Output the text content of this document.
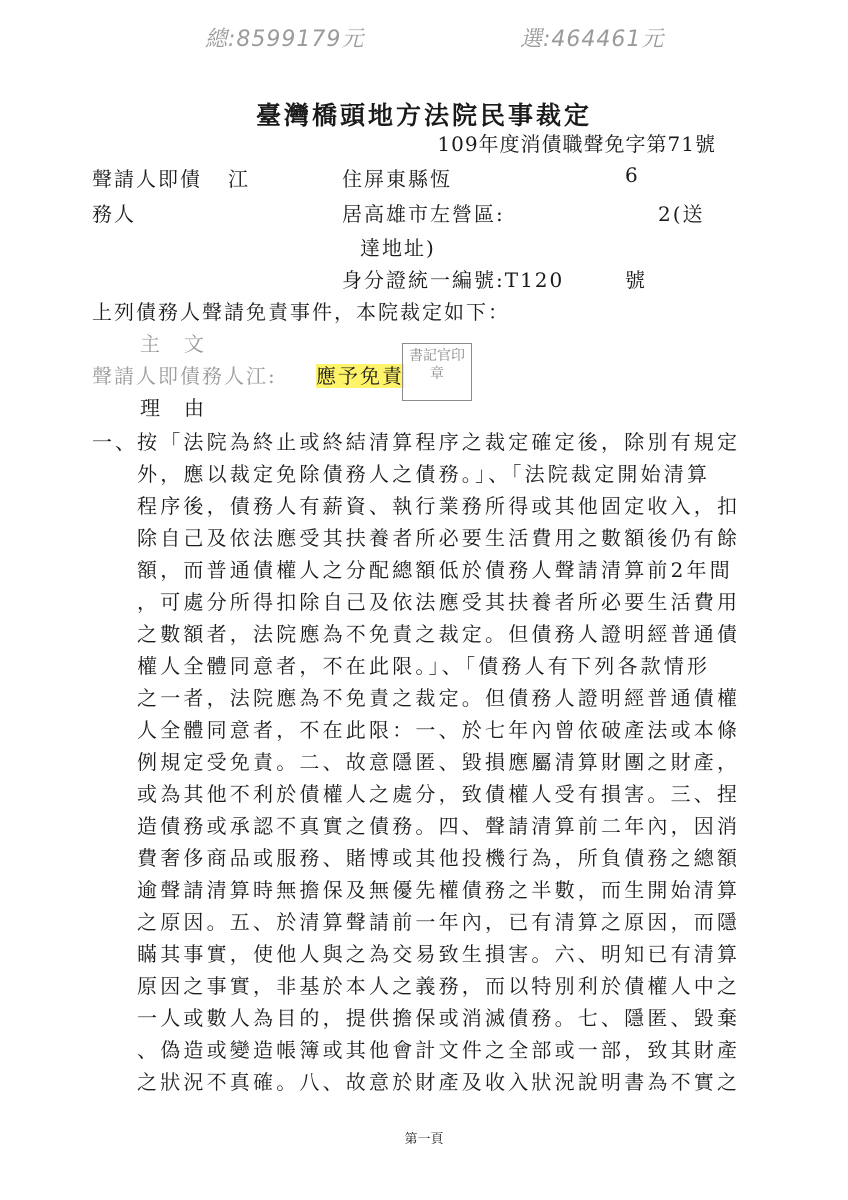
總:8599179元	選:464461元
臺灣橋頭地方法院民事裁定
109年度消債職聲免字第71號
聲請人即債 江	住屏東縣恆	6
務人	居高雄市左營區:	2(送
達地址)
身分證統一編號:T120	號
上列債務人聲請免責事件，本院裁定如下：
主　文
聲請人即債務人江: 應予免責
書記官印章
理　由
一、 按「法院為終止或終結清算程序之裁定確定後，除別有規定
外，應以裁定免除債務人之債務。」、「法院裁定開始清算
程序後，債務人有薪資、執行業務所得或其他固定收入，扣
除自己及依法應受其扶養者所必要生活費用之數額後仍有餘
額，而普通債權人之分配總額低於債務人聲請清算前2年間
，可處分所得扣除自己及依法應受其扶養者所必要生活費用
之數額者，法院應為不免責之裁定。但債務人證明經普通債
權人全體同意者，不在此限。」、「債務人有下列各款情形
之一者，法院應為不免責之裁定。但債務人證明經普通債權
人全體同意者，不在此限：一、於七年內曾依破產法或本條
例規定受免責。二、故意隱匿、毀損應屬清算財團之財產，
或為其他不利於債權人之處分，致債權人受有損害。三、捏
造債務或承認不真實之債務。四、聲請清算前二年內，因消
費奢侈商品或服務、賭博或其他投機行為，所負債務之總額
逾聲請清算時無擔保及無優先權債務之半數，而生開始清算
之原因。五、於清算聲請前一年內，已有清算之原因，而隱
瞞其事實，使他人與之為交易致生損害。六、明知已有清算
原因之事實，非基於本人之義務，而以特別利於債權人中之
一人或數人為目的，提供擔保或消滅債務。七、隱匿、毀棄
、偽造或變造帳簿或其他會計文件之全部或一部，致其財產
之狀況不真確。八、故意於財產及收入狀況說明書為不實之
第一頁
